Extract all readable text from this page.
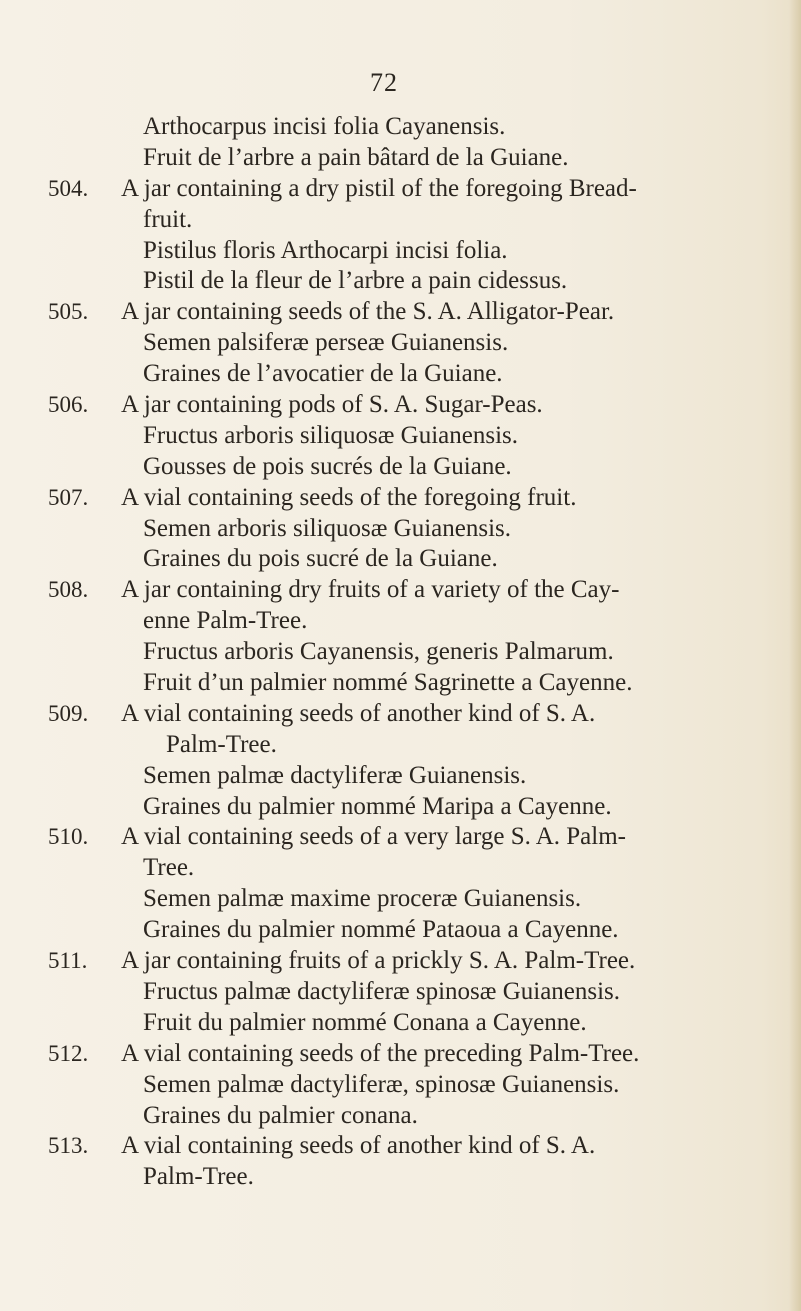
72
Arthocarpus incisi folia Cayanensis.
Fruit de l’arbre a pain bâtard de la Guiane.
504. A jar containing a dry pistil of the foregoing Bread-
fruit.
Pistilus floris Arthocarpi incisi folia.
Pistil de la fleur de l’arbre a pain cidessus.
505. A jar containing seeds of the S. A. Alligator-Pear.
Semen palsiferæ perseæ Guianensis.
Graines de l’avocatier de la Guiane.
506. A jar containing pods of S. A. Sugar-Peas.
Fructus arboris siliquosæ Guianensis.
Gousses de pois sucrés de la Guiane.
507. A vial containing seeds of the foregoing fruit.
Semen arboris siliquosæ Guianensis.
Graines du pois sucré de la Guiane.
508. A jar containing dry fruits of a variety of the Cay-
enne Palm-Tree.
Fructus arboris Cayanensis, generis Palmarum.
Fruit d’un palmier nommé Sagrinette a Cayenne.
509. A vial containing seeds of another kind of S. A.
Palm-Tree.
Semen palmæ dactyliferæ Guianensis.
Graines du palmier nommé Maripa a Cayenne.
510. A vial containing seeds of a very large S. A. Palm-
Tree.
Semen palmæ maxime proceræ Guianensis.
Graines du palmier nommé Pataoua a Cayenne.
511. A jar containing fruits of a prickly S. A. Palm-Tree.
Fructus palmæ dactyliferæ spinosæ Guianensis.
Fruit du palmier nommé Conana a Cayenne.
512. A vial containing seeds of the preceding Palm-Tree.
Semen palmæ dactyliferæ, spinosæ Guianensis.
Graines du palmier conana.
513. A vial containing seeds of another kind of S. A.
Palm-Tree.
